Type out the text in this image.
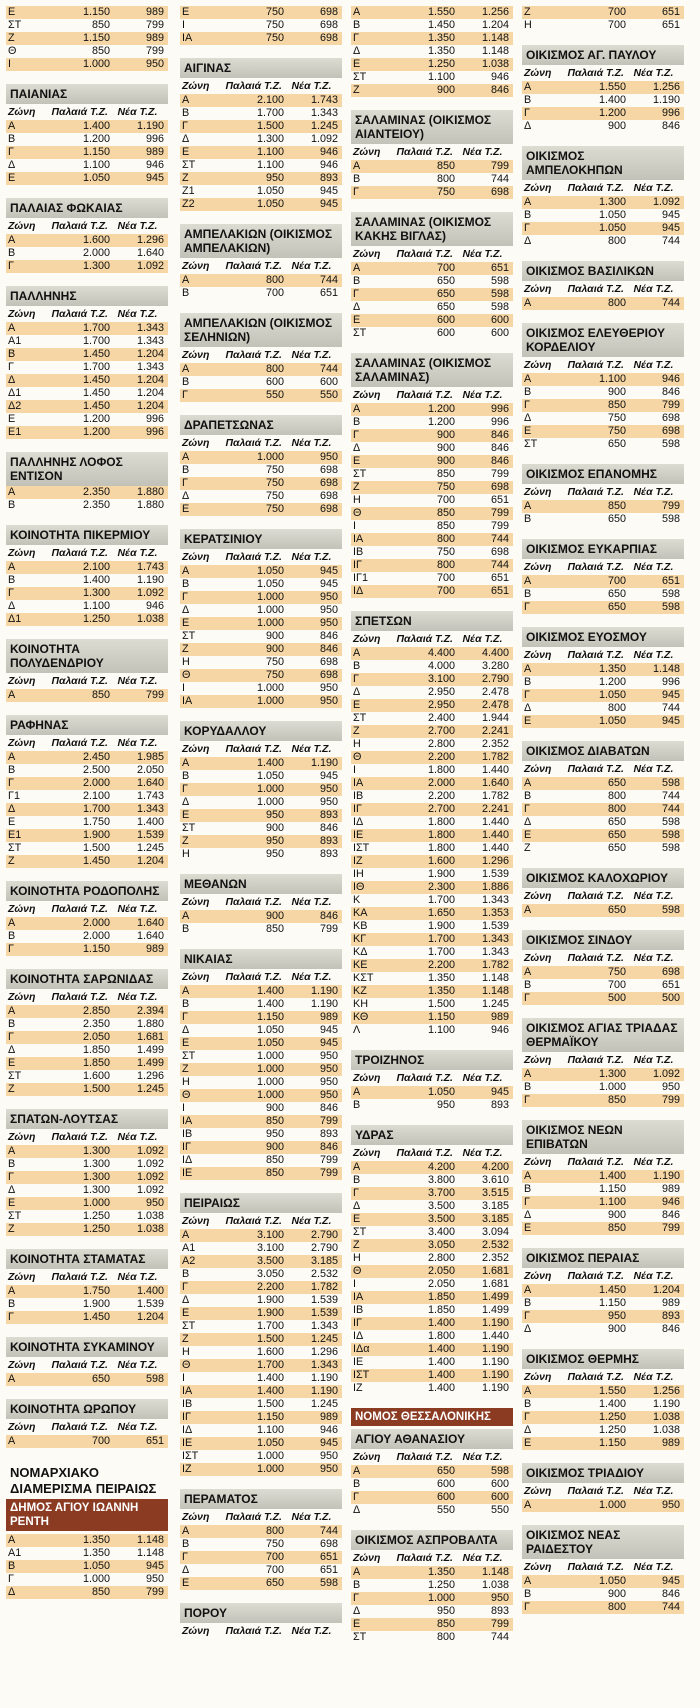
Ε	1.150	989
ΣΤ	850	799
Ζ	1.150	989
Θ	850	799
Ι	1.000	950
ΠΑΙΑΝΙΑΣ
Ζώνη	Παλαιά Τ.Ζ. Νέα Τ.Ζ.
Α	1.400	1.190
Β	1.200	996
Γ	1.150	989
Δ	1.100	946
Ε	1.050	945
ΠΑΛΑΙΑΣ ΦΩΚΑΙΑΣ
Ζώνη	Παλαιά Τ.Ζ. Νέα Τ.Ζ.
Α	1.600	1.296
Β	2.000	1.640
Γ	1.300	1.092
ΠΑΛΛΗΝΗΣ
Ζώνη	Παλαιά Τ.Ζ. Νέα Τ.Ζ.
Α	1.700	1.343
Α1	1.700	1.343
Β	1.450	1.204
Γ	1.700	1.343
Δ	1.450	1.204
Δ1	1.450	1.204
Δ2	1.450	1.204
Ε	1.200	996
Ε1	1.200	996
ΠΑΛΛΗΝΗΣ ΛΟΦΟΣ ΕΝΤΙΣΟΝ
Α	2.350	1.880
Β	2.350	1.880
ΚΟΙΝΟΤΗΤΑ ΠΙΚΕΡΜΙΟΥ
Ζώνη	Παλαιά Τ.Ζ. Νέα Τ.Ζ.
Α	2.100	1.743
Β	1.400	1.190
Γ	1.300	1.092
Δ	1.100	946
Δ1	1.250	1.038
ΚΟΙΝΟΤΗΤΑ ΠΟΛΥΔΕΝΔΡΙΟΥ
Ζώνη	Παλαιά Τ.Ζ. Νέα Τ.Ζ.
Α	850	799
ΡΑΦΗΝΑΣ
Ζώνη	Παλαιά Τ.Ζ. Νέα Τ.Ζ.
Α	2.450	1.985
Β	2.500	2.050
Γ	2.000	1.640
Γ1	2.100	1.743
Δ	1.700	1.343
Ε	1.750	1.400
Ε1	1.900	1.539
ΣΤ	1.500	1.245
Ζ	1.450	1.204
ΚΟΙΝΟΤΗΤΑ ΡΟΔΟΠΟΛΗΣ
Ζώνη	Παλαιά Τ.Ζ. Νέα Τ.Ζ.
Α	2.000	1.640
Β	2.000	1.640
Γ	1.150	989
ΚΟΙΝΟΤΗΤΑ ΣΑΡΩΝΙΔΑΣ
Ζώνη	Παλαιά Τ.Ζ. Νέα Τ.Ζ.
Α	2.850	2.394
Β	2.350	1.880
Γ	2.050	1.681
Δ	1.850	1.499
Ε	1.850	1.499
ΣΤ	1.600	1.296
Ζ	1.500	1.245
ΣΠΑΤΩΝ-ΛΟΥΤΣΑΣ
Ζώνη	Παλαιά Τ.Ζ. Νέα Τ.Ζ.
Α	1.300	1.092
Β	1.300	1.092
Γ	1.300	1.092
Δ	1.300	1.092
Ε	1.000	950
ΣΤ	1.250	1.038
Ζ	1.250	1.038
ΚΟΙΝΟΤΗΤΑ ΣΤΑΜΑΤΑΣ
Ζώνη	Παλαιά Τ.Ζ. Νέα Τ.Ζ.
Α	1.750	1.400
Β	1.900	1.539
Γ	1.450	1.204
ΚΟΙΝΟΤΗΤΑ ΣΥΚΑΜΙΝΟΥ
Ζώνη	Παλαιά Τ.Ζ. Νέα Τ.Ζ.
Α	650	598
ΚΟΙΝΟΤΗΤΑ ΩΡΩΠΟΥ
Ζώνη	Παλαιά Τ.Ζ. Νέα Τ.Ζ.
Α	700	651
ΝΟΜΑΡΧΙΑΚΟ ΔΙΑΜΕΡΙΣΜΑ ΠΕΙΡΑΙΩΣ
ΔΗΜΟΣ ΑΓΙΟΥ ΙΩΑΝΝΗ ΡΕΝΤΗ
Α	1.350	1.148
Α1	1.350	1.148
Β	1.050	945
Γ	1.000	950
Δ	850	799
Ε	750	698
Ι	750	698
ΙΑ	750	698
ΑΙΓΙΝΑΣ
Ζώνη	Παλαιά Τ.Ζ. Νέα Τ.Ζ.
Α	2.100	1.743
Β	1.700	1.343
Γ	1.500	1.245
Δ	1.300	1.092
Ε	1.100	946
ΣΤ	1.100	946
Ζ	950	893
Ζ1	1.050	945
Ζ2	1.050	945
ΑΜΠΕΛΑΚΙΩΝ (ΟΙΚΙΣΜΟΣ ΑΜΠΕΛΑΚΙΩΝ)
Ζώνη	Παλαιά Τ.Ζ. Νέα Τ.Ζ.
Α	800	744
Β	700	651
ΑΜΠΕΛΑΚΙΩΝ (ΟΙΚΙΣΜΟΣ ΣΕΛΗΝΙΩΝ)
Ζώνη	Παλαιά Τ.Ζ. Νέα Τ.Ζ.
Α	800	744
Β	600	600
Γ	550	550
ΔΡΑΠΕΤΣΩΝΑΣ
Ζώνη	Παλαιά Τ.Ζ. Νέα Τ.Ζ.
Α	1.000	950
Β	750	698
Γ	750	698
Δ	750	698
Ε	750	698
ΚΕΡΑΤΣΙΝΙΟΥ
Ζώνη	Παλαιά Τ.Ζ. Νέα Τ.Ζ.
Α	1.050	945
Β	1.050	945
Γ	1.000	950
Δ	1.000	950
Ε	1.000	950
ΣΤ	900	846
Ζ	900	846
Η	750	698
Θ	750	698
Ι	1.000	950
ΙΑ	1.000	950
ΚΟΡΥΔΑΛΛΟΥ
Ζώνη	Παλαιά Τ.Ζ. Νέα Τ.Ζ.
Α	1.400	1.190
Β	1.050	945
Γ	1.000	950
Δ	1.000	950
Ε	950	893
ΣΤ	900	846
Ζ	950	893
Η	950	893
ΜΕΘΑΝΩΝ
Ζώνη	Παλαιά Τ.Ζ. Νέα Τ.Ζ.
Α	900	846
Β	850	799
ΝΙΚΑΙΑΣ
Ζώνη	Παλαιά Τ.Ζ. Νέα Τ.Ζ.
Α	1.400	1.190
Β	1.400	1.190
Γ	1.150	989
Δ	1.050	945
Ε	1.050	945
ΣΤ	1.000	950
Ζ	1.000	950
Η	1.000	950
Θ	1.000	950
Ι	900	846
ΙΑ	850	799
ΙΒ	950	893
ΙΓ	900	846
ΙΔ	850	799
ΙΕ	850	799
ΠΕΙΡΑΙΩΣ
Ζώνη	Παλαιά Τ.Ζ. Νέα Τ.Ζ.
Α	3.100	2.790
Α1	3.100	2.790
Α2	3.500	3.185
Β	3.050	2.532
Γ	2.200	1.782
Δ	1.900	1.539
Ε	1.900	1.539
ΣΤ	1.700	1.343
Ζ	1.500	1.245
Η	1.600	1.296
Θ	1.700	1.343
Ι	1.400	1.190
ΙΑ	1.400	1.190
ΙΒ	1.500	1.245
ΙΓ	1.150	989
ΙΔ	1.100	946
ΙΕ	1.050	945
ΙΣΤ	1.000	950
ΙΖ	1.000	950
ΠΕΡΑΜΑΤΟΣ
Ζώνη	Παλαιά Τ.Ζ. Νέα Τ.Ζ.
Α	800	744
Β	750	698
Γ	700	651
Δ	700	651
Ε	650	598
ΠΟΡΟΥ
Ζώνη	Παλαιά Τ.Ζ. Νέα Τ.Ζ.
Α	1.550	1.256
Β	1.450	1.204
Γ	1.350	1.148
Δ	1.350	1.148
Ε	1.250	1.038
ΣΤ	1.100	946
Ζ	900	846
ΣΑΛΑΜΙΝΑΣ (ΟΙΚΙΣΜΟΣ ΑΙΑΝΤΕΙΟΥ)
Ζώνη	Παλαιά Τ.Ζ. Νέα Τ.Ζ.
Α	850	799
Β	800	744
Γ	750	698
ΣΑΛΑΜΙΝΑΣ (ΟΙΚΙΣΜΟΣ ΚΑΚΗΣ ΒΙΓΛΑΣ)
Ζώνη	Παλαιά Τ.Ζ. Νέα Τ.Ζ.
Α	700	651
Β	650	598
Γ	650	598
Δ	650	598
Ε	600	600
ΣΤ	600	600
ΣΑΛΑΜΙΝΑΣ (ΟΙΚΙΣΜΟΣ ΣΑΛΑΜΙΝΑΣ)
Ζώνη	Παλαιά Τ.Ζ. Νέα Τ.Ζ.
Α	1.200	996
Β	1.200	996
Γ	900	846
Δ	900	846
Ε	900	846
ΣΤ	850	799
Ζ	750	698
Η	700	651
Θ	850	799
Ι	850	799
ΙΑ	800	744
ΙΒ	750	698
ΙΓ	800	744
ΙΓ1	700	651
ΙΔ	700	651
ΣΠΕΤΣΩΝ
Ζώνη	Παλαιά Τ.Ζ. Νέα Τ.Ζ.
Α	4.400	4.400
Β	4.000	3.280
Γ	3.100	2.790
Δ	2.950	2.478
Ε	2.950	2.478
ΣΤ	2.400	1.944
Ζ	2.700	2.241
Η	2.800	2.352
Θ	2.200	1.782
Ι	1.800	1.440
ΙΑ	2.000	1.640
ΙΒ	2.200	1.782
ΙΓ	2.700	2.241
ΙΔ	1.800	1.440
ΙΕ	1.800	1.440
ΙΣΤ	1.800	1.440
ΙΖ	1.600	1.296
ΙΗ	1.900	1.539
ΙΘ	2.300	1.886
Κ	1.700	1.343
ΚΑ	1.650	1.353
ΚΒ	1.900	1.539
ΚΓ	1.700	1.343
ΚΔ	1.700	1.343
ΚΕ	2.200	1.782
ΚΣΤ	1.350	1.148
ΚΖ	1.350	1.148
ΚΗ	1.500	1.245
ΚΘ	1.150	989
Λ	1.100	946
ΤΡΟΙΖΗΝΟΣ
Ζώνη	Παλαιά Τ.Ζ. Νέα Τ.Ζ.
Α	1.050	945
Β	950	893
ΥΔΡΑΣ
Ζώνη	Παλαιά Τ.Ζ. Νέα Τ.Ζ.
Α	4.200	4.200
Β	3.800	3.610
Γ	3.700	3.515
Δ	3.500	3.185
Ε	3.500	3.185
ΣΤ	3.400	3.094
Ζ	3.050	2.532
Η	2.800	2.352
Θ	2.050	1.681
Ι	2.050	1.681
ΙΑ	1.850	1.499
ΙΒ	1.850	1.499
ΙΓ	1.400	1.190
ΙΔ	1.800	1.440
ΙΔα	1.400	1.190
ΙΕ	1.400	1.190
ΙΣΤ	1.400	1.190
ΙΖ	1.400	1.190
ΝΟΜΟΣ ΘΕΣΣΑΛΟΝΙΚΗΣ
ΑΓΙΟΥ ΑΘΑΝΑΣΙΟΥ
Ζώνη	Παλαιά Τ.Ζ. Νέα Τ.Ζ.
Α	650	598
Β	600	600
Γ	600	600
Δ	550	550
ΟΙΚΙΣΜΟΣ ΑΣΠΡΟΒΑΛΤΑ
Ζώνη	Παλαιά Τ.Ζ. Νέα Τ.Ζ.
Α	1.350	1.148
Β	1.250	1.038
Γ	1.000	950
Δ	950	893
Ε	850	799
ΣΤ	800	744
Ζ	700	651
Η	700	651
ΟΙΚΙΣΜΟΣ ΑΓ. ΠΑΥΛΟΥ
Ζώνη	Παλαιά Τ.Ζ. Νέα Τ.Ζ.
Α	1.550	1.256
Β	1.400	1.190
Γ	1.200	996
Δ	900	846
ΟΙΚΙΣΜΟΣ ΑΜΠΕΛΟΚΗΠΩΝ
Ζώνη	Παλαιά Τ.Ζ. Νέα Τ.Ζ.
Α	1.300	1.092
Β	1.050	945
Γ	1.050	945
Δ	800	744
ΟΙΚΙΣΜΟΣ ΒΑΣΙΛΙΚΩΝ
Ζώνη	Παλαιά Τ.Ζ. Νέα Τ.Ζ.
Α	800	744
ΟΙΚΙΣΜΟΣ ΕΛΕΥΘΕΡΙΟΥ ΚΟΡΔΕΛΙΟΥ
Ζώνη	Παλαιά Τ.Ζ. Νέα Τ.Ζ.
Α	1.100	946
Β	900	846
Γ	850	799
Δ	750	698
Ε	750	698
ΣΤ	650	598
ΟΙΚΙΣΜΟΣ ΕΠΑΝΟΜΗΣ
Ζώνη	Παλαιά Τ.Ζ. Νέα Τ.Ζ.
Α	850	799
Β	650	598
ΟΙΚΙΣΜΟΣ ΕΥΚΑΡΠΙΑΣ
Ζώνη	Παλαιά Τ.Ζ. Νέα Τ.Ζ.
Α	700	651
Β	650	598
Γ	650	598
ΟΙΚΙΣΜΟΣ ΕΥΟΣΜΟΥ
Ζώνη	Παλαιά Τ.Ζ. Νέα Τ.Ζ.
Α	1.350	1.148
Β	1.200	996
Γ	1.050	945
Δ	800	744
Ε	1.050	945
ΟΙΚΙΣΜΟΣ ΔΙΑΒΑΤΩΝ
Ζώνη	Παλαιά Τ.Ζ. Νέα Τ.Ζ.
Α	650	598
Β	800	744
Γ	800	744
Δ	650	598
Ε	650	598
Ζ	650	598
ΟΙΚΙΣΜΟΣ ΚΑΛΟΧΩΡΙΟΥ
Ζώνη	Παλαιά Τ.Ζ. Νέα Τ.Ζ.
Α	650	598
ΟΙΚΙΣΜΟΣ ΣΙΝΔΟΥ
Ζώνη	Παλαιά Τ.Ζ. Νέα Τ.Ζ.
Α	750	698
Β	700	651
Γ	500	500
ΟΙΚΙΣΜΟΣ ΑΓΙΑΣ ΤΡΙΑΔΑΣ ΘΕΡΜΑΪΚΟΥ
Ζώνη	Παλαιά Τ.Ζ. Νέα Τ.Ζ.
Α	1.300	1.092
Β	1.000	950
Γ	850	799
ΟΙΚΙΣΜΟΣ ΝΕΩΝ ΕΠΙΒΑΤΩΝ
Ζώνη	Παλαιά Τ.Ζ. Νέα Τ.Ζ.
Α	1.400	1.190
Β	1.150	989
Γ	1.100	946
Δ	900	846
Ε	850	799
ΟΙΚΙΣΜΟΣ ΠΕΡΑΙΑΣ
Ζώνη	Παλαιά Τ.Ζ. Νέα Τ.Ζ.
Α	1.450	1.204
Β	1.150	989
Γ	950	893
Δ	900	846
ΟΙΚΙΣΜΟΣ ΘΕΡΜΗΣ
Ζώνη	Παλαιά Τ.Ζ. Νέα Τ.Ζ.
Α	1.550	1.256
Β	1.400	1.190
Γ	1.250	1.038
Δ	1.250	1.038
Ε	1.150	989
ΟΙΚΙΣΜΟΣ ΤΡΙΑΔΙΟΥ
Ζώνη	Παλαιά Τ.Ζ. Νέα Τ.Ζ.
Α	1.000	950
ΟΙΚΙΣΜΟΣ ΝΕΑΣ ΡΑΙΔΕΣΤΟΥ
Ζώνη	Παλαιά Τ.Ζ. Νέα Τ.Ζ.
Α	1.050	945
Β	900	846
Γ	800	744
